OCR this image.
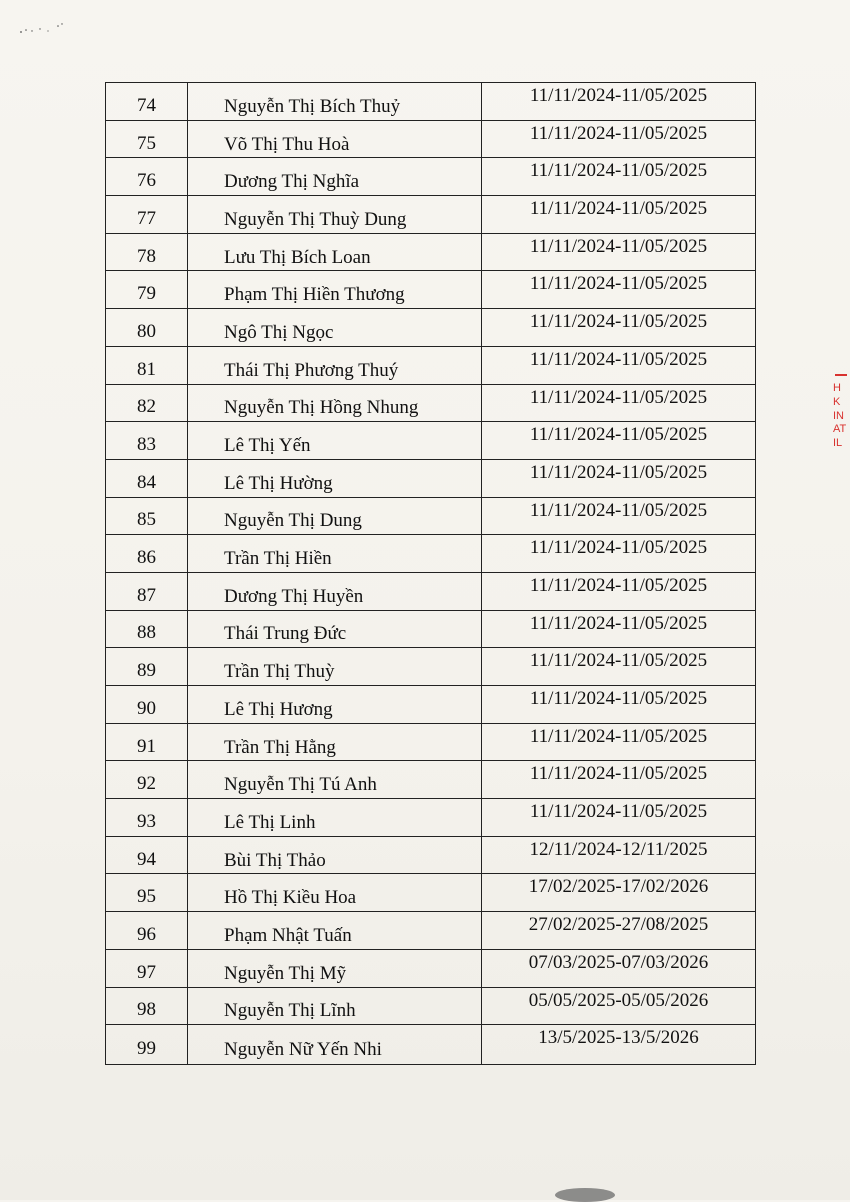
74	Nguyễn Thị Bích Thuỷ	11/11/2024-11/05/2025
75	Võ Thị Thu Hoà	11/11/2024-11/05/2025
76	Dương Thị Nghĩa	11/11/2024-11/05/2025
77	Nguyễn Thị Thuỳ Dung	11/11/2024-11/05/2025
78	Lưu Thị Bích Loan	11/11/2024-11/05/2025
79	Phạm Thị Hiền Thương	11/11/2024-11/05/2025
80	Ngô Thị Ngọc	11/11/2024-11/05/2025
81	Thái Thị Phương Thuý	11/11/2024-11/05/2025
82	Nguyễn Thị Hồng Nhung	11/11/2024-11/05/2025
83	Lê Thị Yến	11/11/2024-11/05/2025
84	Lê Thị Hường	11/11/2024-11/05/2025
85	Nguyễn Thị Dung	11/11/2024-11/05/2025
86	Trần Thị Hiền	11/11/2024-11/05/2025
87	Dương Thị Huyền	11/11/2024-11/05/2025
88	Thái Trung Đức	11/11/2024-11/05/2025
89	Trần Thị Thuỳ	11/11/2024-11/05/2025
90	Lê Thị Hương	11/11/2024-11/05/2025
91	Trần Thị Hằng	11/11/2024-11/05/2025
92	Nguyễn Thị Tú Anh	11/11/2024-11/05/2025
93	Lê Thị Linh	11/11/2024-11/05/2025
94	Bùi Thị Thảo	12/11/2024-12/11/2025
95	Hồ Thị Kiều Hoa	17/02/2025-17/02/2026
96	Phạm Nhật Tuấn	27/02/2025-27/08/2025
97	Nguyễn Thị Mỹ	07/03/2025-07/03/2026
98	Nguyễn Thị Lĩnh	05/05/2025-05/05/2026
99	Nguyễn Nữ Yến Nhi	13/5/2025-13/5/2026
H
K
IN
AT
IL
